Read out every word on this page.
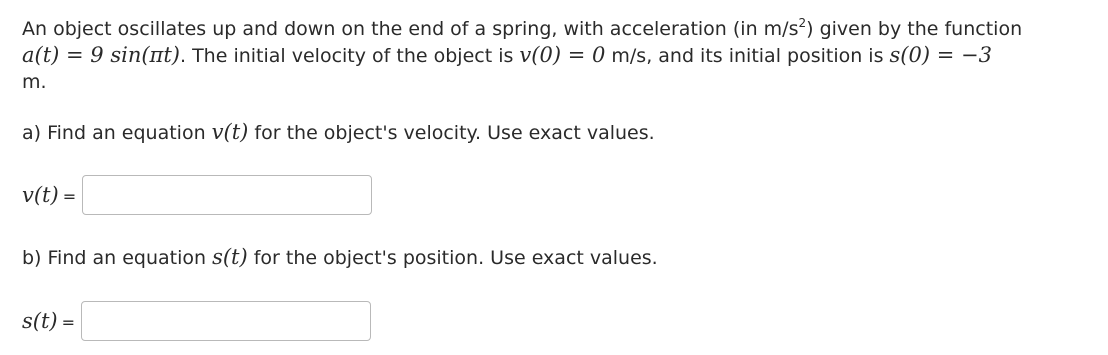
An object oscillates up and down on the end of a spring, with acceleration (in $m/s^2$) given by the function
a(t) = 9 sin(πt). The initial velocity of the object is v(0) = 0 m/s, and its initial position is s(0) = −3
m.
a) Find an equation v(t) for the object's velocity. Use exact values.
v(t) =
b) Find an equation s(t) for the object's position. Use exact values.
s(t) =
